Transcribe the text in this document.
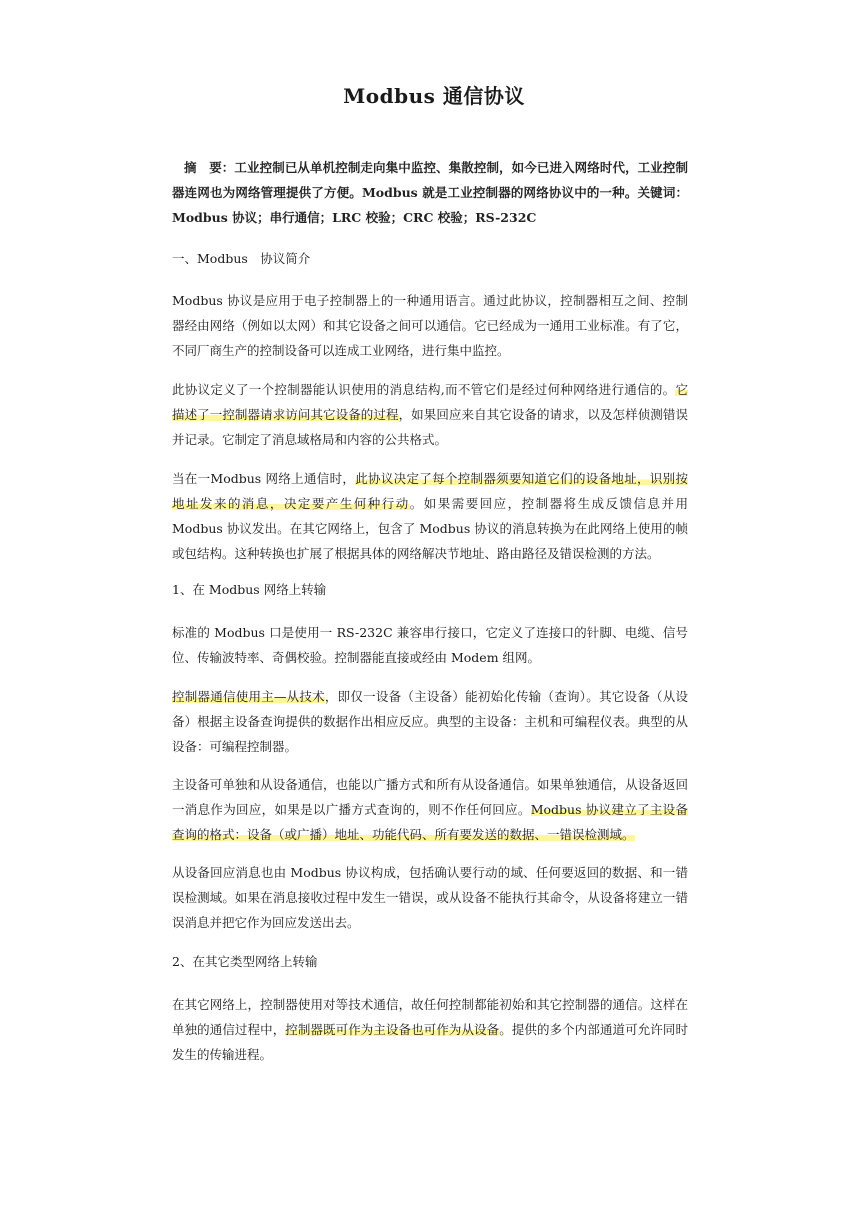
Modbus 通信协议

摘　要：工业控制已从单机控制走向集中监控、集散控制，如今已进入网络时代，工业控制器连网也为网络管理提供了方便。Modbus 就是工业控制器的网络协议中的一种。关键词：Modbus 协议；串行通信；LRC 校验；CRC 校验；RS-232C

一、Modbus　协议简介

Modbus 协议是应用于电子控制器上的一种通用语言。通过此协议，控制器相互之间、控制器经由网络（例如以太网）和其它设备之间可以通信。它已经成为一通用工业标准。有了它，不同厂商生产的控制设备可以连成工业网络，进行集中监控。

此协议定义了一个控制器能认识使用的消息结构,而不管它们是经过何种网络进行通信的。它描述了一控制器请求访问其它设备的过程，如果回应来自其它设备的请求，以及怎样侦测错误并记录。它制定了消息域格局和内容的公共格式。

当在一Modbus 网络上通信时，此协议决定了每个控制器须要知道它们的设备地址，识别按地址发来的消息，决定要产生何种行动。如果需要回应，控制器将生成反馈信息并用 Modbus 协议发出。在其它网络上，包含了 Modbus 协议的消息转换为在此网络上使用的帧或包结构。这种转换也扩展了根据具体的网络解决节地址、路由路径及错误检测的方法。

1、在 Modbus 网络上转输

标准的 Modbus 口是使用一 RS-232C 兼容串行接口，它定义了连接口的针脚、电缆、信号位、传输波特率、奇偶校验。控制器能直接或经由 Modem 组网。

控制器通信使用主—从技术，即仅一设备（主设备）能初始化传输（查询）。其它设备（从设备）根据主设备查询提供的数据作出相应反应。典型的主设备：主机和可编程仪表。典型的从设备：可编程控制器。

主设备可单独和从设备通信，也能以广播方式和所有从设备通信。如果单独通信，从设备返回一消息作为回应，如果是以广播方式查询的，则不作任何回应。Modbus 协议建立了主设备查询的格式：设备（或广播）地址、功能代码、所有要发送的数据、一错误检测域。

从设备回应消息也由 Modbus 协议构成，包括确认要行动的域、任何要返回的数据、和一错误检测域。如果在消息接收过程中发生一错误，或从设备不能执行其命令，从设备将建立一错误消息并把它作为回应发送出去。

2、在其它类型网络上转输

在其它网络上，控制器使用对等技术通信，故任何控制都能初始和其它控制器的通信。这样在单独的通信过程中，控制器既可作为主设备也可作为从设备。提供的多个内部通道可允许同时发生的传输进程。
